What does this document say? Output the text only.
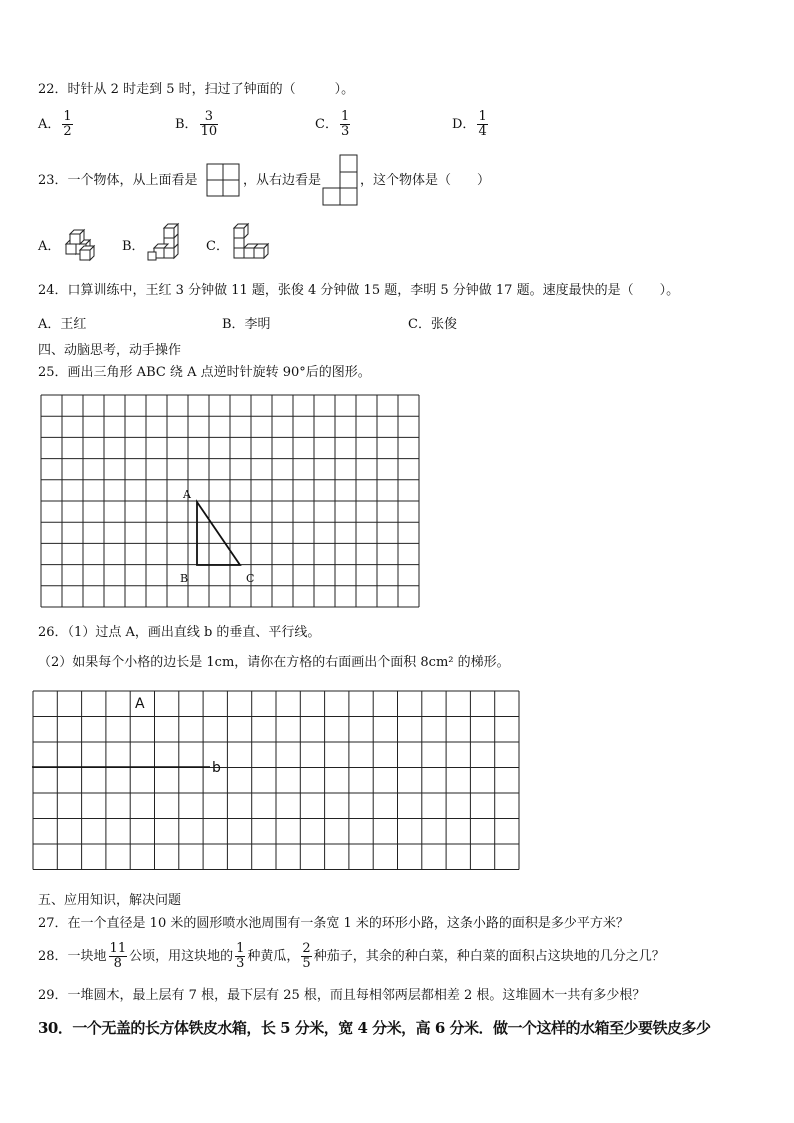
22．时针从 2 时走到 5 时，扫过了钟面的（　　　）。
A． $\frac{1}{2}$	B． $\frac{3}{10}$	C． $\frac{1}{3}$	D． $\frac{1}{4}$
23．一个物体，从上面看是	，从右边看是	，这个物体是（　　）
A．	B．	C．
24．口算训练中，王红 3 分钟做 11 题，张俊 4 分钟做 15 题，李明 5 分钟做 17 题。速度最快的是（　　）。
A．王红	B．李明	C．张俊
四、动脑思考，动手操作
25．画出三角形 ABC 绕 A 点逆时针旋转 90°后的图形。
A
B	C
26．（1）过点 A，画出直线 b 的垂直、平行线。
（2）如果每个小格的边长是 1cm，请你在方格的右面画出个面积 8cm² 的梯形。
A
b
五、应用知识，解决问题
27．在一个直径是 10 米的圆形喷水池周围有一条宽 1 米的环形小路，这条小路的面积是多少平方米？
28．一块地 $\frac{11}{8}$ 公顷，用这块地的 $\frac{1}{3}$ 种黄瓜， $\frac{2}{5}$ 种茄子，其余的种白菜，种白菜的面积占这块地的几分之几？
29．一堆圆木，最上层有 7 根，最下层有 25 根，而且每相邻两层都相差 2 根。这堆圆木一共有多少根？
30．一个无盖的长方体铁皮水箱，长 5 分米，宽 4 分米，高 6 分米．做一个这样的水箱至少要铁皮多少
